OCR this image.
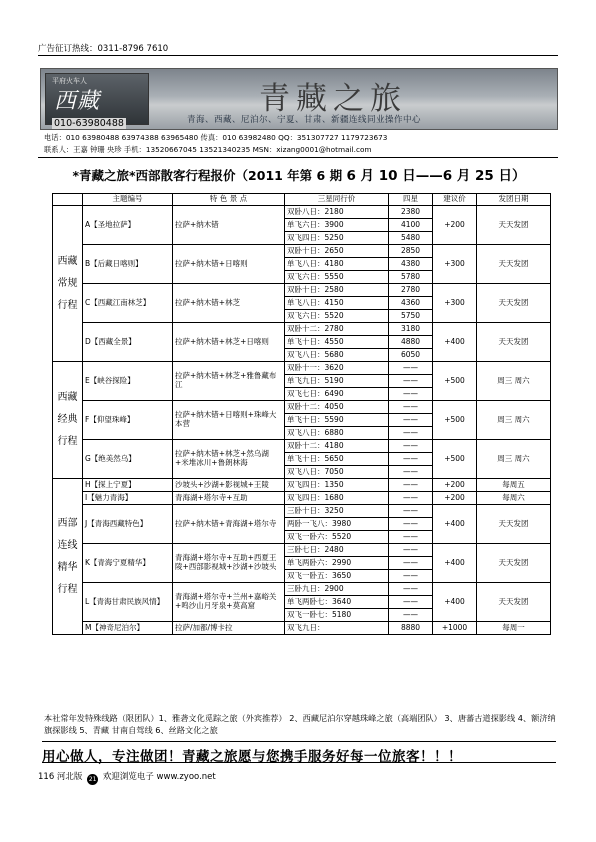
广告征订热线：0311-8796 7610
平府火车人
西藏
010-63980488
青藏之旅
青海、西藏、尼泊尔、宁夏、甘肃、新疆连线同业操作中心
电话：010 63980488 63974388 63965480 传真：010 63982480 QQ：351307727 1179723673
联系人：王嘉 钟珊 央珍 手机：13520667045 13521340235 MSN：xizang0001@hotmail.com
*青藏之旅*西部散客行程报价（2011 年第 6 期 6 月 10 日——6 月 25 日）
	主题编号	特 色 景 点	三星同行价	四星	建议价	发团日期
西藏 常规 行程	A【圣地拉萨】	拉萨+纳木错	双卧八日：2180	2380	+200	天天发团
			单飞六日：3900	4100		
			双飞四日：5250	5480		
	B【后藏日喀则】	拉萨+纳木错+日喀则	双卧十日：2650	2850	+300	天天发团
			单飞八日：4180	4380		
			双飞六日：5550	5780		
	C【西藏江南林芝】	拉萨+纳木错+林芝	双卧十日：2580	2780	+300	天天发团
			单飞八日：4150	4360		
			双飞六日：5520	5750		
	D【西藏全景】	拉萨+纳木错+林芝+日喀则	双卧十二：2780	3180	+400	天天发团
			单飞十日：4550	4880		
			双飞八日：5680	6050		
西藏 经典 行程	E【峡谷探险】	拉萨+纳木错+林芝+雅鲁藏布江	双卧十一：3620	——	+500	周三 周六
			单飞九日：5190	——		
			双飞七日：6490	——		
	F【仰望珠峰】	拉萨+纳木错+日喀则+珠峰大本营	双卧十二：4050	——	+500	周三 周六
			单飞十日：5590	——		
			双飞八日：6880	——		
	G【绝美然乌】	拉萨+纳木错+林芝+然乌湖+米堆冰川+鲁朗林海	双卧十二：4180	——	+500	周三 周六
			单飞十日：5650	——		
			双飞八日：7050	——		
西部 连线 精华 行程	H【探上宁夏】	沙坡头+沙湖+影视城+王陵	双飞四日：1350	——	+200	每周五
	I【魅力青海】	青海湖+塔尔寺+互助	双飞四日：1680	——	+200	每周六
	J【青海西藏特色】	拉萨+纳木错+青海湖+塔尔寺	三卧十日：3250	——	+400	天天发团
			两卧一飞八：3980	——		
			双飞一卧六：5520	——		
	K【青海宁夏精华】	青海湖+塔尔寺+互助+西夏王陵+西部影视城+沙湖+沙坡头	三卧七日：2480	——	+400	天天发团
			单飞两卧六：2990	——		
			双飞一卧五：3650	——		
	L【青海甘肃民族风情】	青海湖+塔尔寺+兰州+嘉峪关+鸣沙山月牙泉+莫高窟	三卧九日：2900	——	+400	天天发团
			单飞两卧七：3640	——		
			双飞一卧七：5180	——		
	M【神奇尼泊尔】	拉萨/加都/博卡拉	双飞九日：	8880	+1000	每周一
本社常年发特殊线路（限团队）1、雅砻文化觅踪之旅（外宾推荐） 2、西藏尼泊尔穿越珠峰之旅（高端团队） 3、唐蕃古道探影线 4、额济纳旗探影线 5、青藏 甘南自驾线 6、丝路文化之旅
用心做人，专注做团！青藏之旅愿与您携手服务好每一位旅客！！！
116 河北版 21 欢迎浏览电子 www.zyoo.net
